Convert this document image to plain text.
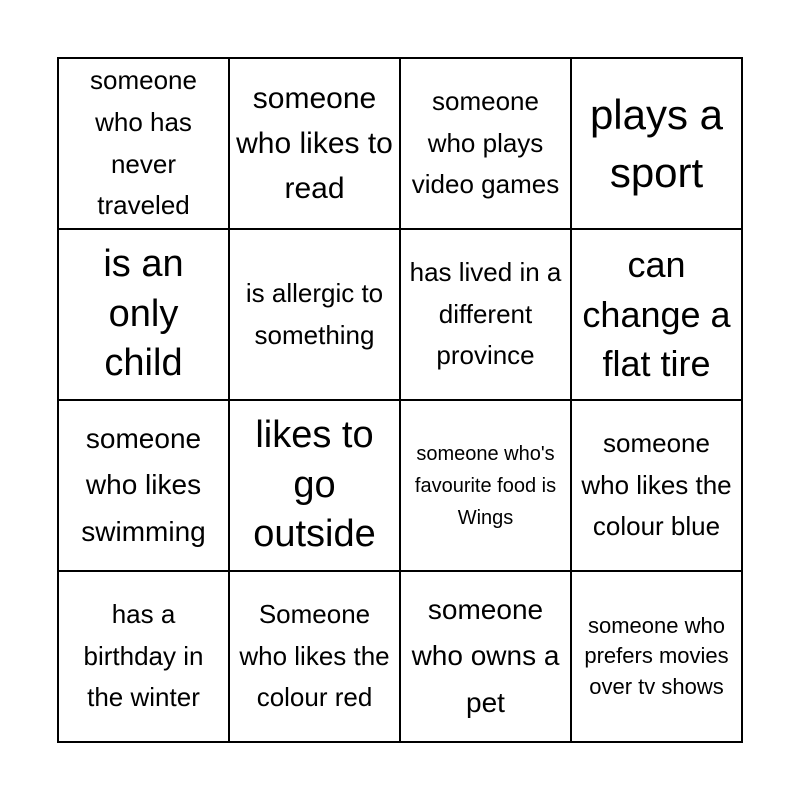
someone who has never traveled
someone who likes to read
someone who plays video games
plays a sport
is an only child
is allergic to something
has lived in a different province
can change a flat tire
someone who likes swimming
likes to go outside
someone who's favourite food is Wings
someone who likes the colour blue
has a birthday in the winter
Someone who likes the colour red
someone who owns a pet
someone who prefers movies over tv shows
